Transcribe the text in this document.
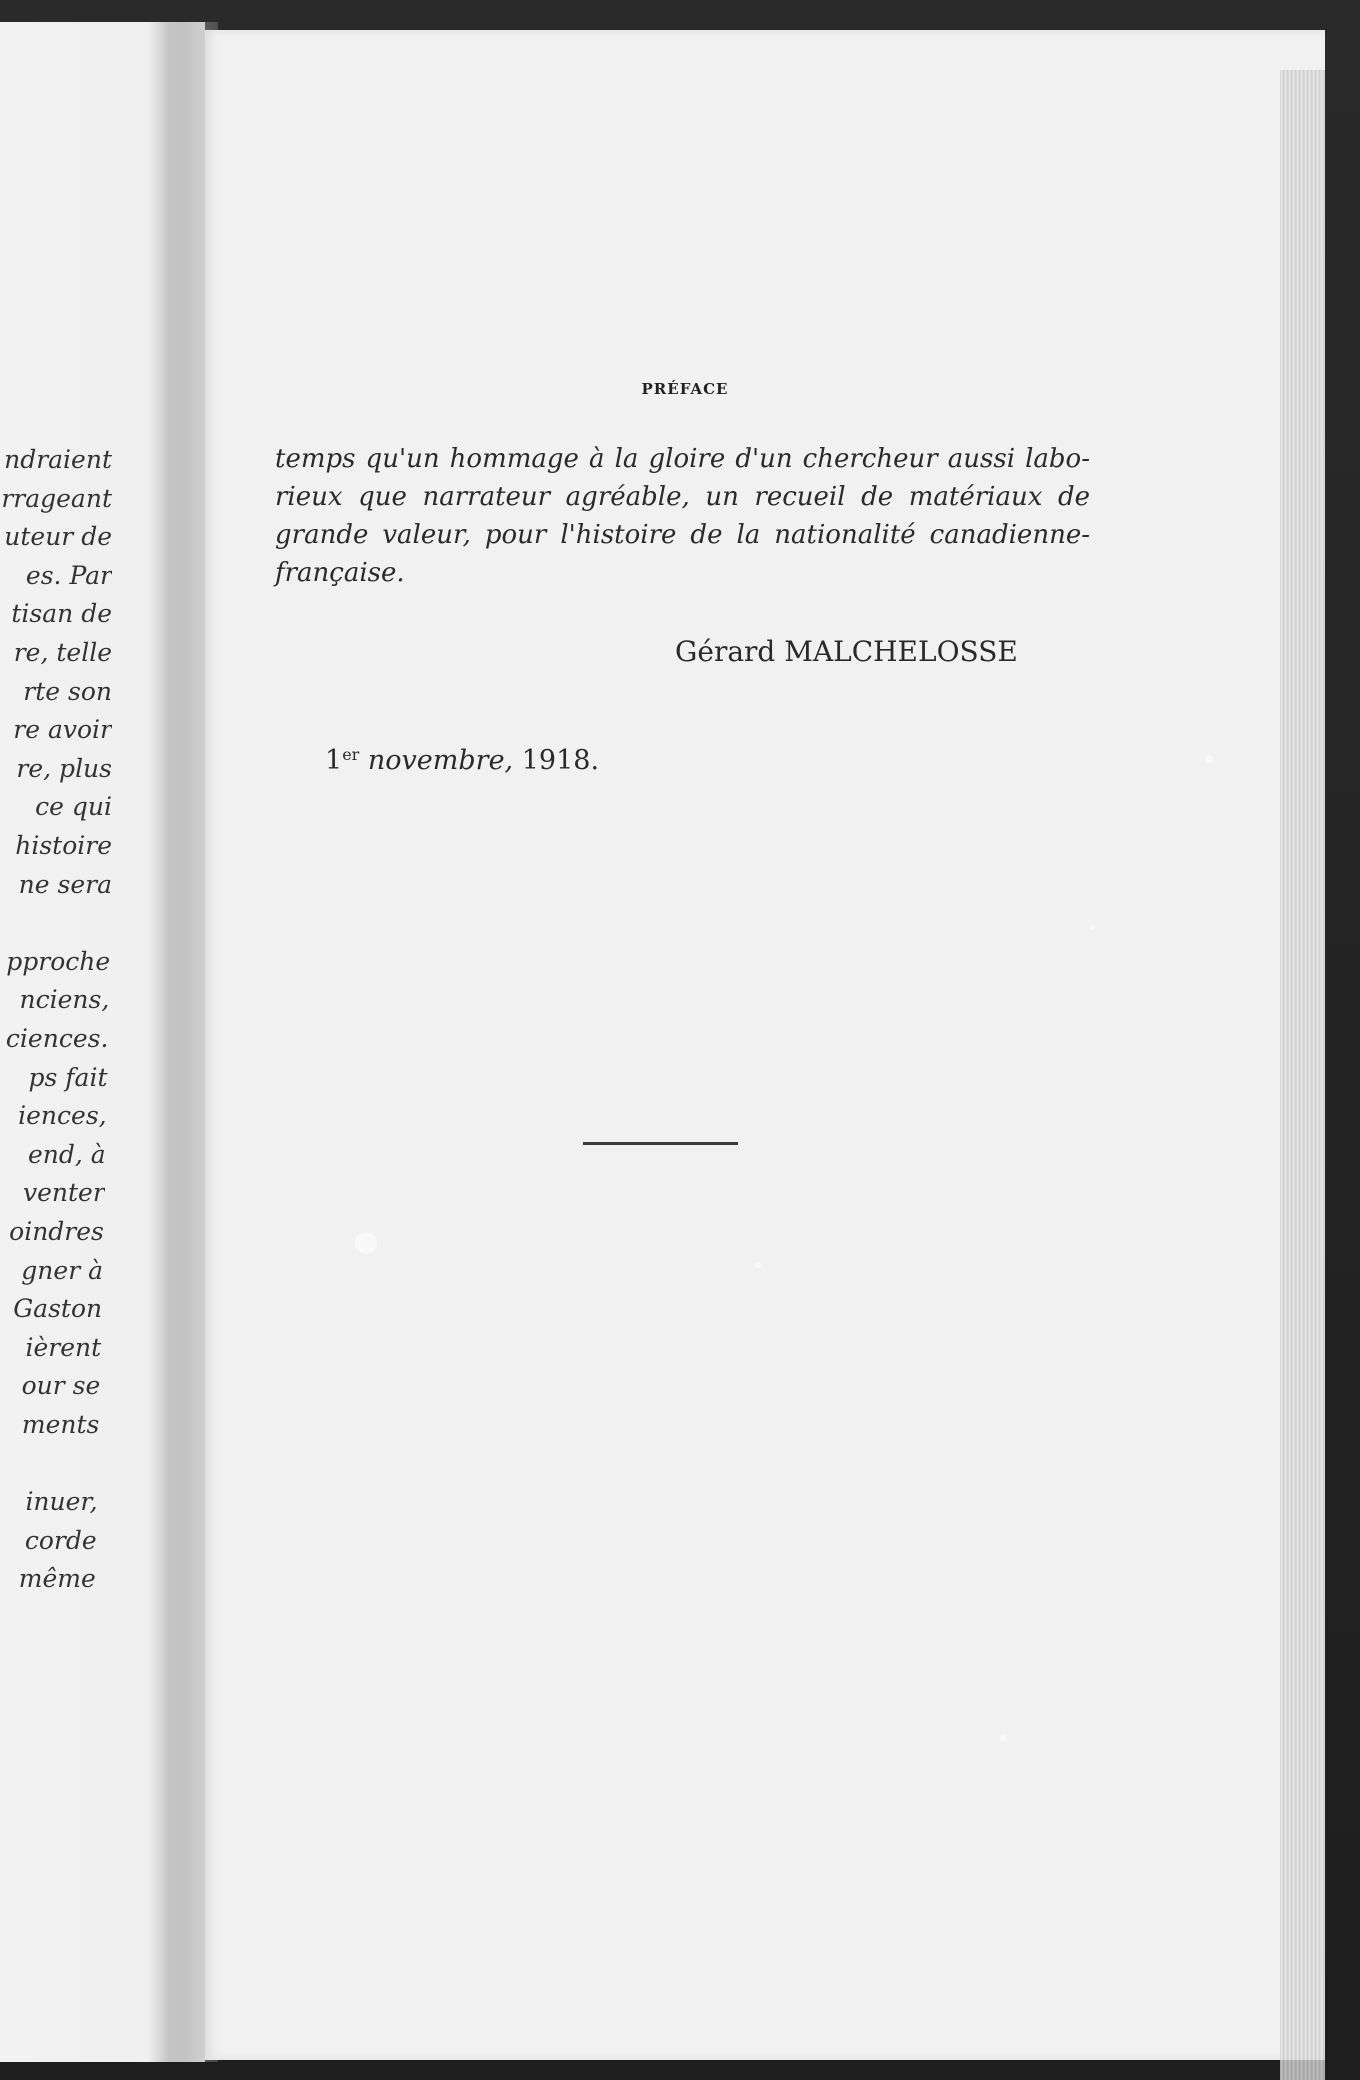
ndraient
rrageant
uteur de
es. Par
tisan de
re, telle
rte son
re avoir
re, plus
ce qui
histoire
ne sera
pproche
nciens,
ciences.
ps fait
iences,
end, à
venter
oindres
gner à
Gaston
ièrent
our se
ments
inuer,
corde
même
PRÉFACE
temps qu'un hommage à la gloire d'un chercheur aussi labo-
rieux que narrateur agréable, un recueil de matériaux de
grande valeur, pour l'histoire de la nationalité canadienne-
française.
Gérard MALCHELOSSE
1er novembre, 1918.
